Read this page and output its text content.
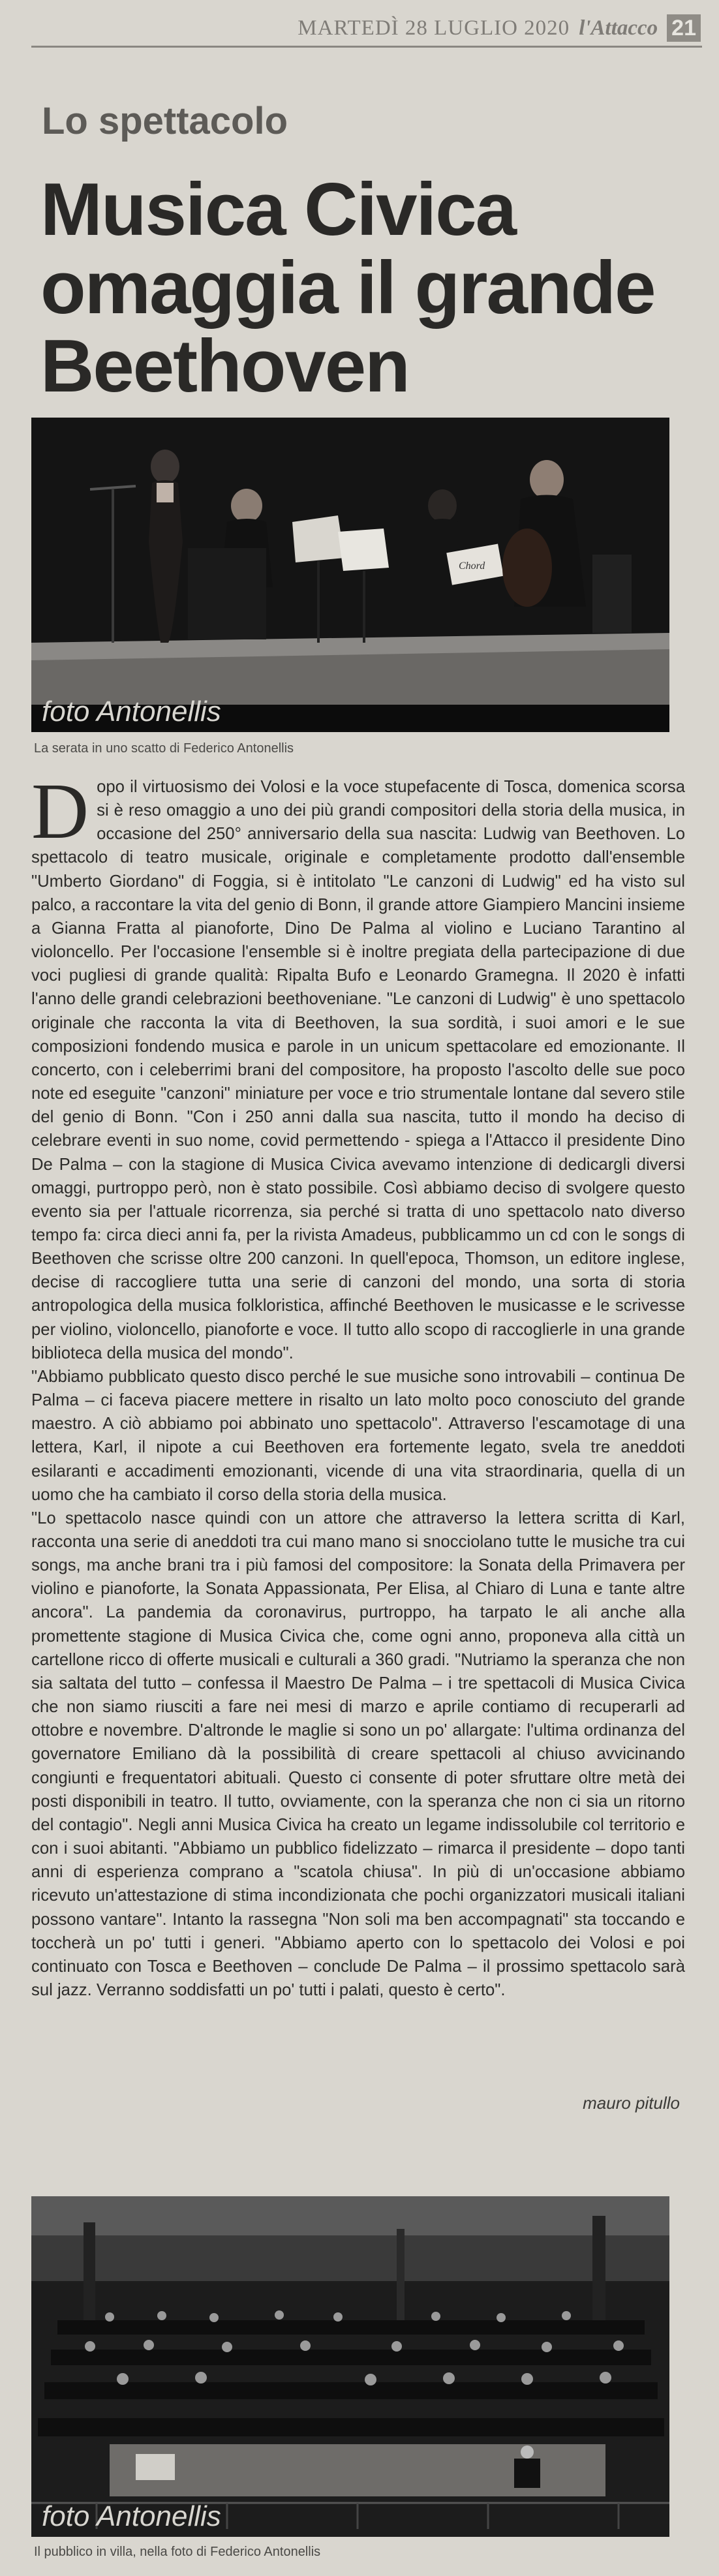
MARTEDÌ 28 LUGLIO 2020 l'Attacco 21
Lo spettacolo
Musica Civica
omaggia il grande
Beethoven
Chord
foto Antonellis
La serata in uno scatto di Federico Antonellis

Dopo il virtuosismo dei Volosi e la voce stupefacente di Tosca, domenica scorsa si è reso omaggio a uno dei più grandi compositori della storia della musica, in occasione del 250° anniversario della sua nascita: Ludwig van Beethoven. Lo spettacolo di teatro musicale, originale e completamente prodotto dall'ensemble "Umberto Giordano" di Foggia, si è intitolato "Le canzoni di Ludwig" ed ha visto sul palco, a raccontare la vita del genio di Bonn, il grande attore Giampiero Mancini insieme a Gianna Fratta al pianoforte, Dino De Palma al violino e Luciano Tarantino al violoncello. Per l'occasione l'ensemble si è inoltre pregiata della partecipazione di due voci pugliesi di grande qualità: Ripalta Bufo e Leonardo Gramegna. Il 2020 è infatti l'anno delle grandi celebrazioni beethoveniane. "Le canzoni di Ludwig" è uno spettacolo originale che racconta la vita di Beethoven, la sua sordità, i suoi amori e le sue composizioni fondendo musica e parole in un unicum spettacolare ed emozionante. Il concerto, con i celeberrimi brani del compositore, ha proposto l'ascolto delle sue poco note ed eseguite "canzoni" miniature per voce e trio strumentale lontane dal severo stile del genio di Bonn. "Con i 250 anni dalla sua nascita, tutto il mondo ha deciso di celebrare eventi in suo nome, covid permettendo - spiega a l'Attacco il presidente Dino De Palma – con la stagione di Musica Civica avevamo intenzione di dedicargli diversi omaggi, purtroppo però, non è stato possibile. Così abbiamo deciso di svolgere questo evento sia per l'attuale ricorrenza, sia perché si tratta di uno spettacolo nato diverso tempo fa: circa dieci anni fa, per la rivista Amadeus, pubblicammo un cd con le songs di Beethoven che scrisse oltre 200 canzoni. In quell'epoca, Thomson, un editore inglese, decise di raccogliere tutta una serie di canzoni del mondo, una sorta di storia antropologica della musica folkloristica, affinché Beethoven le musicasse e le scrivesse per violino, violoncello, pianoforte e voce. Il tutto allo scopo di raccoglierle in una grande biblioteca della musica del mondo".

"Abbiamo pubblicato questo disco perché le sue musiche sono introvabili – continua De Palma – ci faceva piacere mettere in risalto un lato molto poco conosciuto del grande maestro. A ciò abbiamo poi abbinato uno spettacolo". Attraverso l'escamotage di una lettera, Karl, il nipote a cui Beethoven era fortemente legato, svela tre aneddoti esilaranti e accadimenti emozionanti, vicende di una vita straordinaria, quella di un uomo che ha cambiato il corso della storia della musica.

"Lo spettacolo nasce quindi con un attore che attraverso la lettera scritta di Karl, racconta una serie di aneddoti tra cui mano mano si snocciolano tutte le musiche tra cui songs, ma anche brani tra i più famosi del compositore: la Sonata della Primavera per violino e pianoforte, la Sonata Appassionata, Per Elisa, al Chiaro di Luna e tante altre ancora". La pandemia da coronavirus, purtroppo, ha tarpato le ali anche alla promettente stagione di Musica Civica che, come ogni anno, proponeva alla città un cartellone ricco di offerte musicali e culturali a 360 gradi. "Nutriamo la speranza che non sia saltata del tutto – confessa il Maestro De Palma – i tre spettacoli di Musica Civica che non siamo riusciti a fare nei mesi di marzo e aprile contiamo di recuperarli ad ottobre e novembre. D'altronde le maglie si sono un po' allargate: l'ultima ordinanza del governatore Emiliano dà la possibilità di creare spettacoli al chiuso avvicinando congiunti e frequentatori abituali. Questo ci consente di poter sfruttare oltre metà dei posti disponibili in teatro. Il tutto, ovviamente, con la speranza che non ci sia un ritorno del contagio". Negli anni Musica Civica ha creato un legame indissolubile col territorio e con i suoi abitanti. "Abbiamo un pubblico fidelizzato – rimarca il presidente – dopo tanti anni di esperienza comprano a "scatola chiusa". In più di un'occasione abbiamo ricevuto un'attestazione di stima incondizionata che pochi organizzatori musicali italiani possono vantare". Intanto la rassegna "Non soli ma ben accompagnati" sta toccando e toccherà un po' tutti i generi. "Abbiamo aperto con lo spettacolo dei Volosi e poi continuato con Tosca e Beethoven – conclude De Palma – il prossimo spettacolo sarà sul jazz. Verranno soddisfatti un po' tutti i palati, questo è certo".

mauro pitullo
foto Antonellis
Il pubblico in villa, nella foto di Federico Antonellis
